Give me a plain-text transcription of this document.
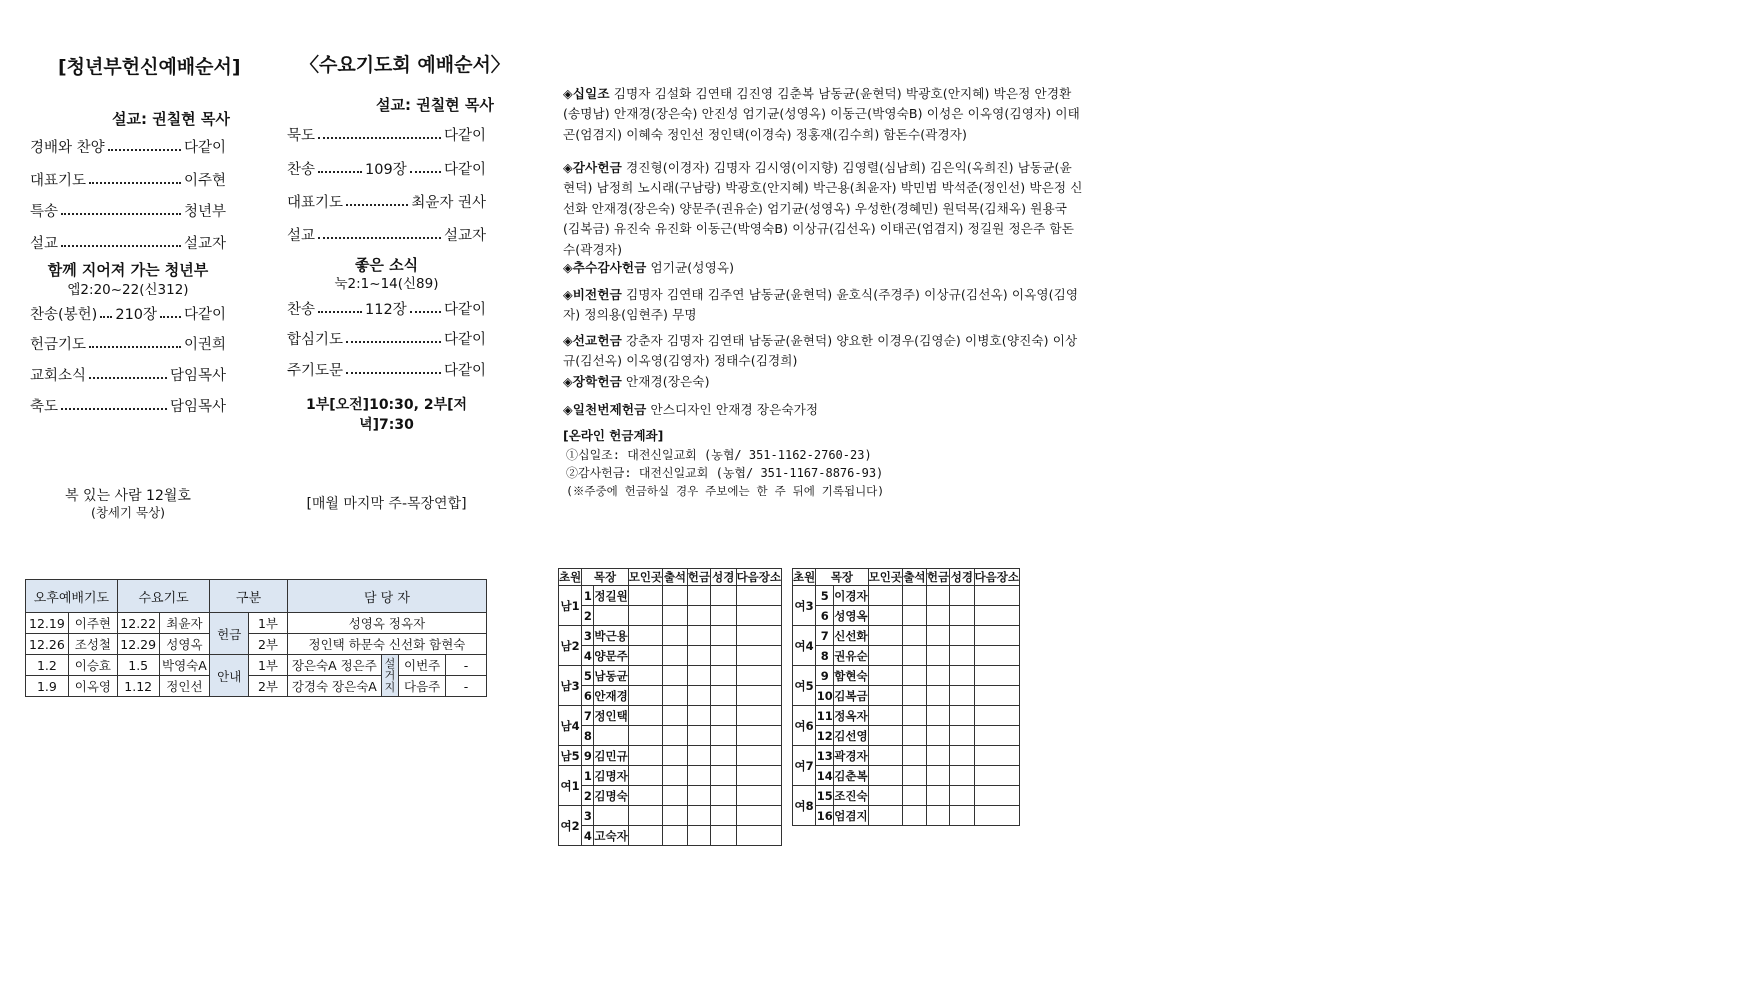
[청년부헌신예배순서]
설교: 권칠현 목사
경배와 찬양	다같이
대표기도	이주현
특송	청년부
설교	설교자
함께 지어져 가는 청년부
엡2:20~22(신312)
찬송(봉헌) 210장 다같이
헌금기도	이권희
교회소식	담임목사
축도	담임목사
복 있는 사람 12월호
(창세기 묵상)
〈수요기도회 예배순서〉
설교: 권칠현 목사
묵도	다같이
찬송	109장	다같이
대표기도	최윤자 권사
설교	설교자
좋은 소식
눅2:1~14(신89)
찬송	112장	다같이
합심기도	다같이
주기도문	다같이
1부[오전]10:30, 2부[저녁]7:30
[매월 마지막 주-목장연합]
◈십일조 김명자 김설화 김연태 김진영 김춘복 남동균(윤현덕) 박광호(안지혜) 박은정 안경환(송명남) 안재경(장은숙) 안진성 엄기균(성영옥) 이동근(박영숙B) 이성은 이옥영(김영자) 이태곤(엄겸지) 이혜숙 정인선 정인택(이경숙) 정홍재(김수희) 함돈수(곽경자)
◈감사헌금 경진형(이경자) 김명자 김시영(이지향) 김영렬(심남희) 김은익(옥희진) 남동균(윤현덕) 남정희 노시래(구남랑) 박광호(안지혜) 박근용(최윤자) 박민범 박석준(정인선) 박은정 신선화 안재경(장은숙) 양문주(권유순) 엄기균(성영옥) 우성한(경혜민) 원덕목(김채옥) 원용국(김복금) 유진숙 유진화 이동근(박영숙B) 이상규(김선옥) 이태곤(엄겸지) 정길원 정은주 함돈수(곽경자)
◈추수감사헌금 엄기균(성영옥)
◈비전헌금 김명자 김연태 김주연 남동균(윤현덕) 윤호식(주경주) 이상규(김선옥) 이옥영(김영자) 정의용(임현주) 무명
◈선교헌금 강춘자 김명자 김연태 남동균(윤현덕) 양요한 이경우(김영순) 이병호(양진숙) 이상규(김선옥) 이옥영(김영자) 정태수(김경희)
◈장학헌금 안재경(장은숙)
◈일천번제헌금 안스디자인 안재경 장은숙가정
[온라인 헌금계좌]
①십일조: 대전신일교회 (농협/ 351-1162-2760-23)
②감사헌금: 대전신일교회 (농협/ 351-1167-8876-93)
(※주중에 헌금하실 경우 주보에는 한 주 뒤에 기록됩니다)
오후예배기도		수요기도		구분		담 당 자			
12.19	이주현	12.22	최윤자	헌금	1부	성영옥 정옥자			
12.26	조성철	12.29	성영옥		2부	정인택 하문숙 신선화 함현숙			
1.2	이승효	1.5	박영숙A	안내	1부	장은숙A 정은주	설거지	이번주	-
1.9	이옥영	1.12	정인선		2부	강경숙 장은숙A		다음주	-
초원	목장		모인곳	출석	헌금	성경	다음장소
남1	1	정길원					
	2						
남2	3	박근용					
	4	양문주					
남3	5	남동균					
	6	안재경					
남4	7	정인택					
	8						
남5	9	김민규					
여1	1	김명자					
	2	김명숙					
여2	3						
	4	고숙자					
초원	목장		모인곳	출석	헌금	성경	다음장소
여3	5	이경자					
	6	성영옥					
여4	7	신선화					
	8	권유순					
여5	9	함현숙					
	10	김복금					
여6	11	정옥자					
	12	김선영					
여7	13	곽경자					
	14	김춘복					
여8	15	조진숙					
	16	엄겸지					
